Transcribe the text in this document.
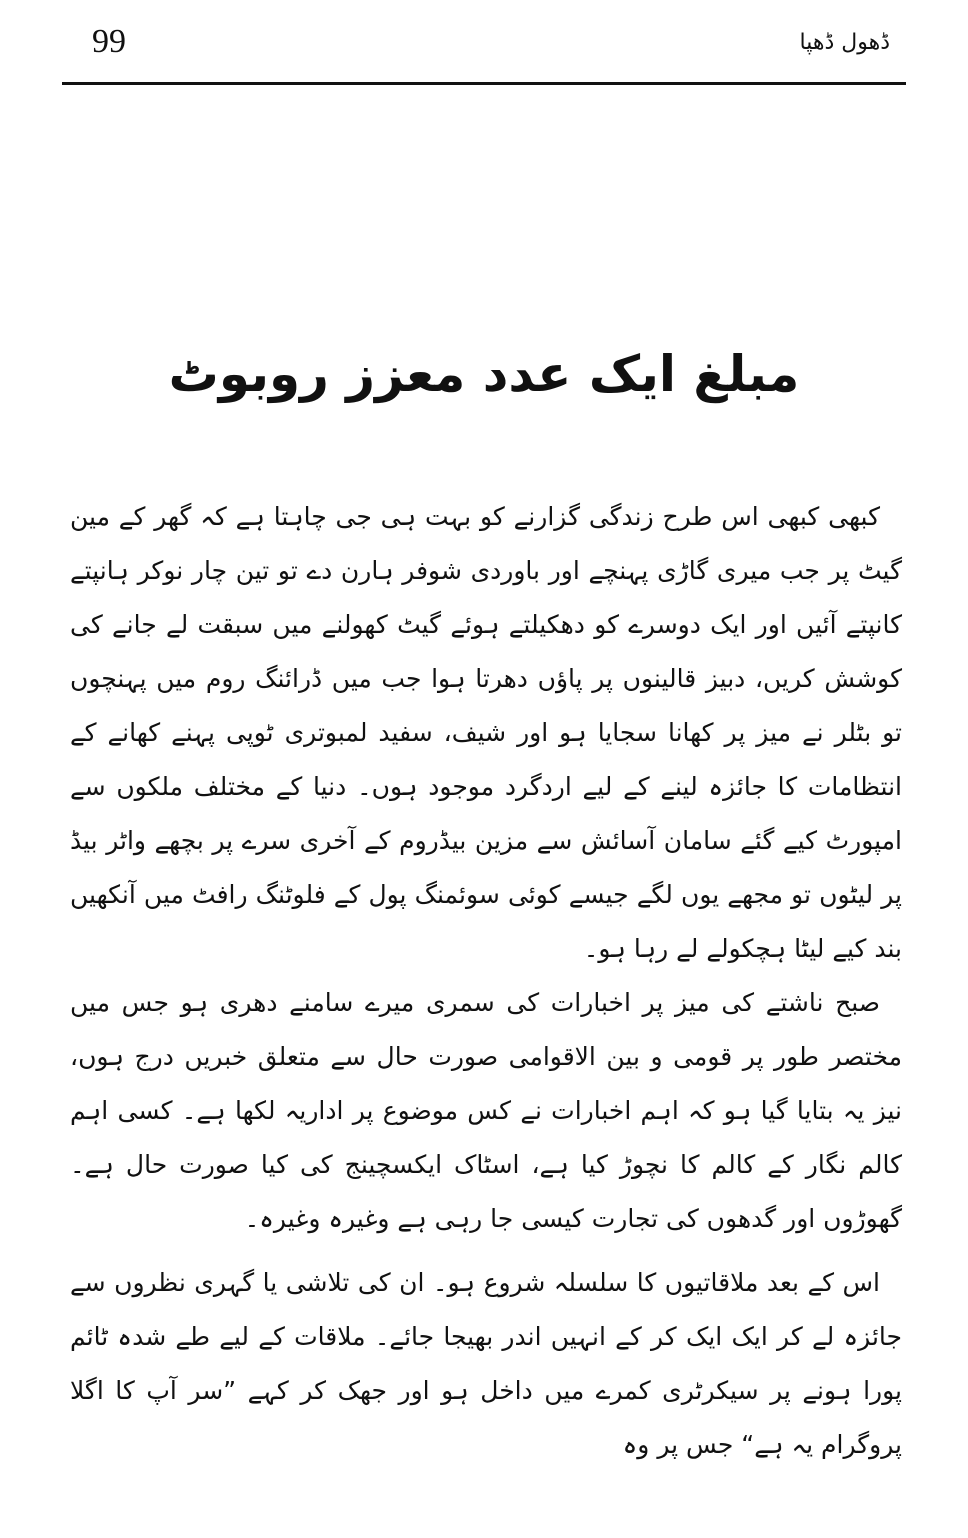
99	ڈھول ڈھپا
مبلغ ایک عدد معزز روبوٹ

کبھی کبھی اس طرح زندگی گزارنے کو بہت ہی جی چاہتا ہے کہ گھر کے مین گیٹ پر جب میری گاڑی پہنچے اور باوردی شوفر ہارن دے تو تین چار نوکر ہانپتے کانپتے آئیں اور ایک دوسرے کو دھکیلتے ہوئے گیٹ کھولنے میں سبقت لے جانے کی کوشش کریں، دبیز قالینوں پر پاؤں دھرتا ہوا جب میں ڈرائنگ روم میں پہنچوں تو بٹلر نے میز پر کھانا سجایا ہو اور شیف، سفید لمبوتری ٹوپی پہنے کھانے کے انتظامات کا جائزہ لینے کے لیے اردگرد موجود ہوں۔ دنیا کے مختلف ملکوں سے امپورٹ کیے گئے سامان آسائش سے مزین بیڈروم کے آخری سرے پر بچھے واٹر بیڈ پر لیٹوں تو مجھے یوں لگے جیسے کوئی سوئمنگ پول کے فلوٹنگ رافٹ میں آنکھیں بند کیے لیٹا ہچکولے لے رہا ہو۔

صبح ناشتے کی میز پر اخبارات کی سمری میرے سامنے دھری ہو جس میں مختصر طور پر قومی و بین الاقوامی صورت حال سے متعلق خبریں درج ہوں، نیز یہ بتایا گیا ہو کہ اہم اخبارات نے کس موضوع پر اداریہ لکھا ہے۔ کسی اہم کالم نگار کے کالم کا نچوڑ کیا ہے، اسٹاک ایکسچینج کی کیا صورت حال ہے۔ گھوڑوں اور گدھوں کی تجارت کیسی جا رہی ہے وغیرہ وغیرہ۔

اس کے بعد ملاقاتیوں کا سلسلہ شروع ہو۔ ان کی تلاشی یا گہری نظروں سے جائزہ لے کر ایک ایک کر کے انہیں اندر بھیجا جائے۔ ملاقات کے لیے طے شدہ ٹائم پورا ہونے پر سیکرٹری کمرے میں داخل ہو اور جھک کر کہے ”سر آپ کا اگلا پروگرام یہ ہے“ جس پر وہ
